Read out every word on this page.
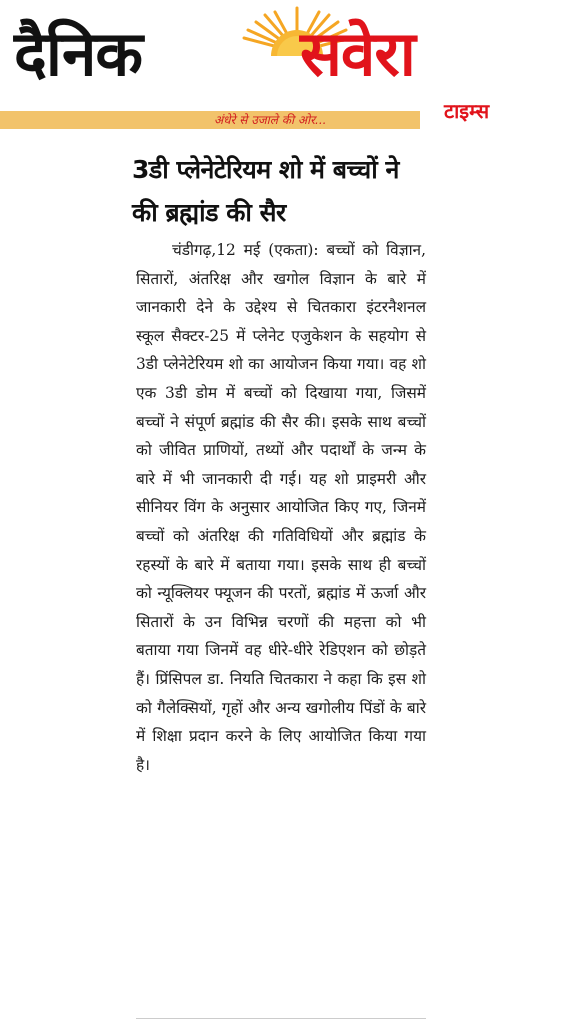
दैनिक	सवेरा
अंधेरे से उजाले की ओर...	टाइम्स
3डी प्लेनेटेरियम शो में बच्चों ने की ब्रह्मांड की सैर

चंडीगढ़,12 मई (एकता): बच्चों को विज्ञान, सितारों, अंतरिक्ष और खगोल विज्ञान के बारे में जानकारी देने के उद्देश्य से चितकारा इंटरनैशनल स्कूल सैक्टर-25 में प्लेनेट एजुकेशन के सहयोग से 3डी प्लेनेटेरियम शो का आयोजन किया गया। वह शो एक 3डी डोम में बच्चों को दिखाया गया, जिसमें बच्चों ने संपूर्ण ब्रह्मांड की सैर की। इसके साथ बच्चों को जीवित प्राणियों, तथ्यों और पदार्थों के जन्म के बारे में भी जानकारी दी गई। यह शो प्राइमरी और सीनियर विंग के अनुसार आयोजित किए गए, जिनमें बच्चों को अंतरिक्ष की गतिविधियों और ब्रह्मांड के रहस्यों के बारे में बताया गया। इसके साथ ही बच्चों को न्यूक्लियर फ्यूजन की परतों, ब्रह्मांड में ऊर्जा और सितारों के उन विभिन्न चरणों की महत्ता को भी बताया गया जिनमें वह धीरे-धीरे रेडिएशन को छोड़ते हैं। प्रिंसिपल डा. नियति चितकारा ने कहा कि इस शो को गैलेक्सियों, गृहों और अन्य खगोलीय पिंडों के बारे में शिक्षा प्रदान करने के लिए आयोजित किया गया है।
